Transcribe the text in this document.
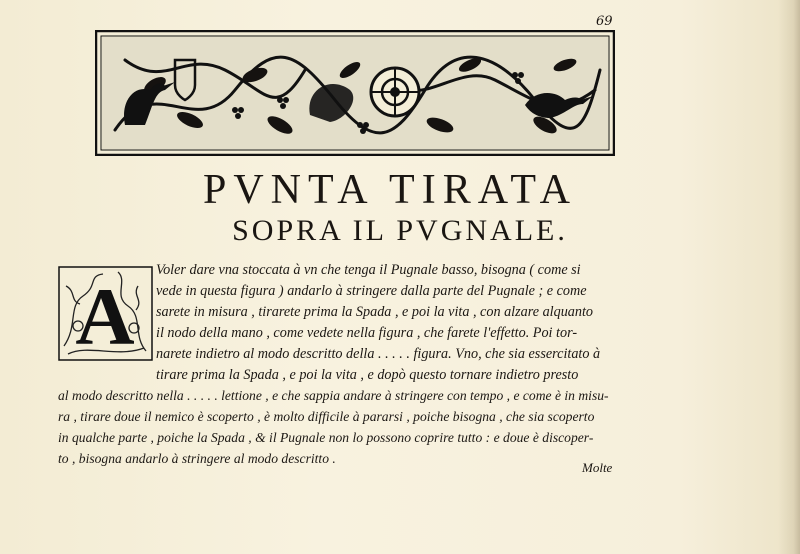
69
PVNTA TIRATA
SOPRA IL PVGNALE.
A
Voler dare vna stoccata à vn che tenga il Pugnale basso, bisogna ( come si
vede in questa figura ) andarlo à stringere dalla parte del Pugnale ; e come
sarete in misura , tirarete prima la Spada , e poi la vita , con alzare alquanto
il nodo della mano , come vedete nella figura , che farete l'effetto. Poi tor-
narete indietro al modo descritto della . . . . . figura. Vno, che sia essercitato à
tirare prima la Spada , e poi la vita , e dopò questo tornare indietro presto
al modo descritto nella . . . . . lettione , e che sappia andare à stringere con tempo , e come è in misu-
ra , tirare doue il nemico è scoperto , è molto difficile à pararsi , poiche bisogna , che sia scoperto
in qualche parte , poiche la Spada , & il Pugnale non lo possono coprire tutto : e doue è discoper-
to , bisogna andarlo à stringere al modo descritto .
Molte
